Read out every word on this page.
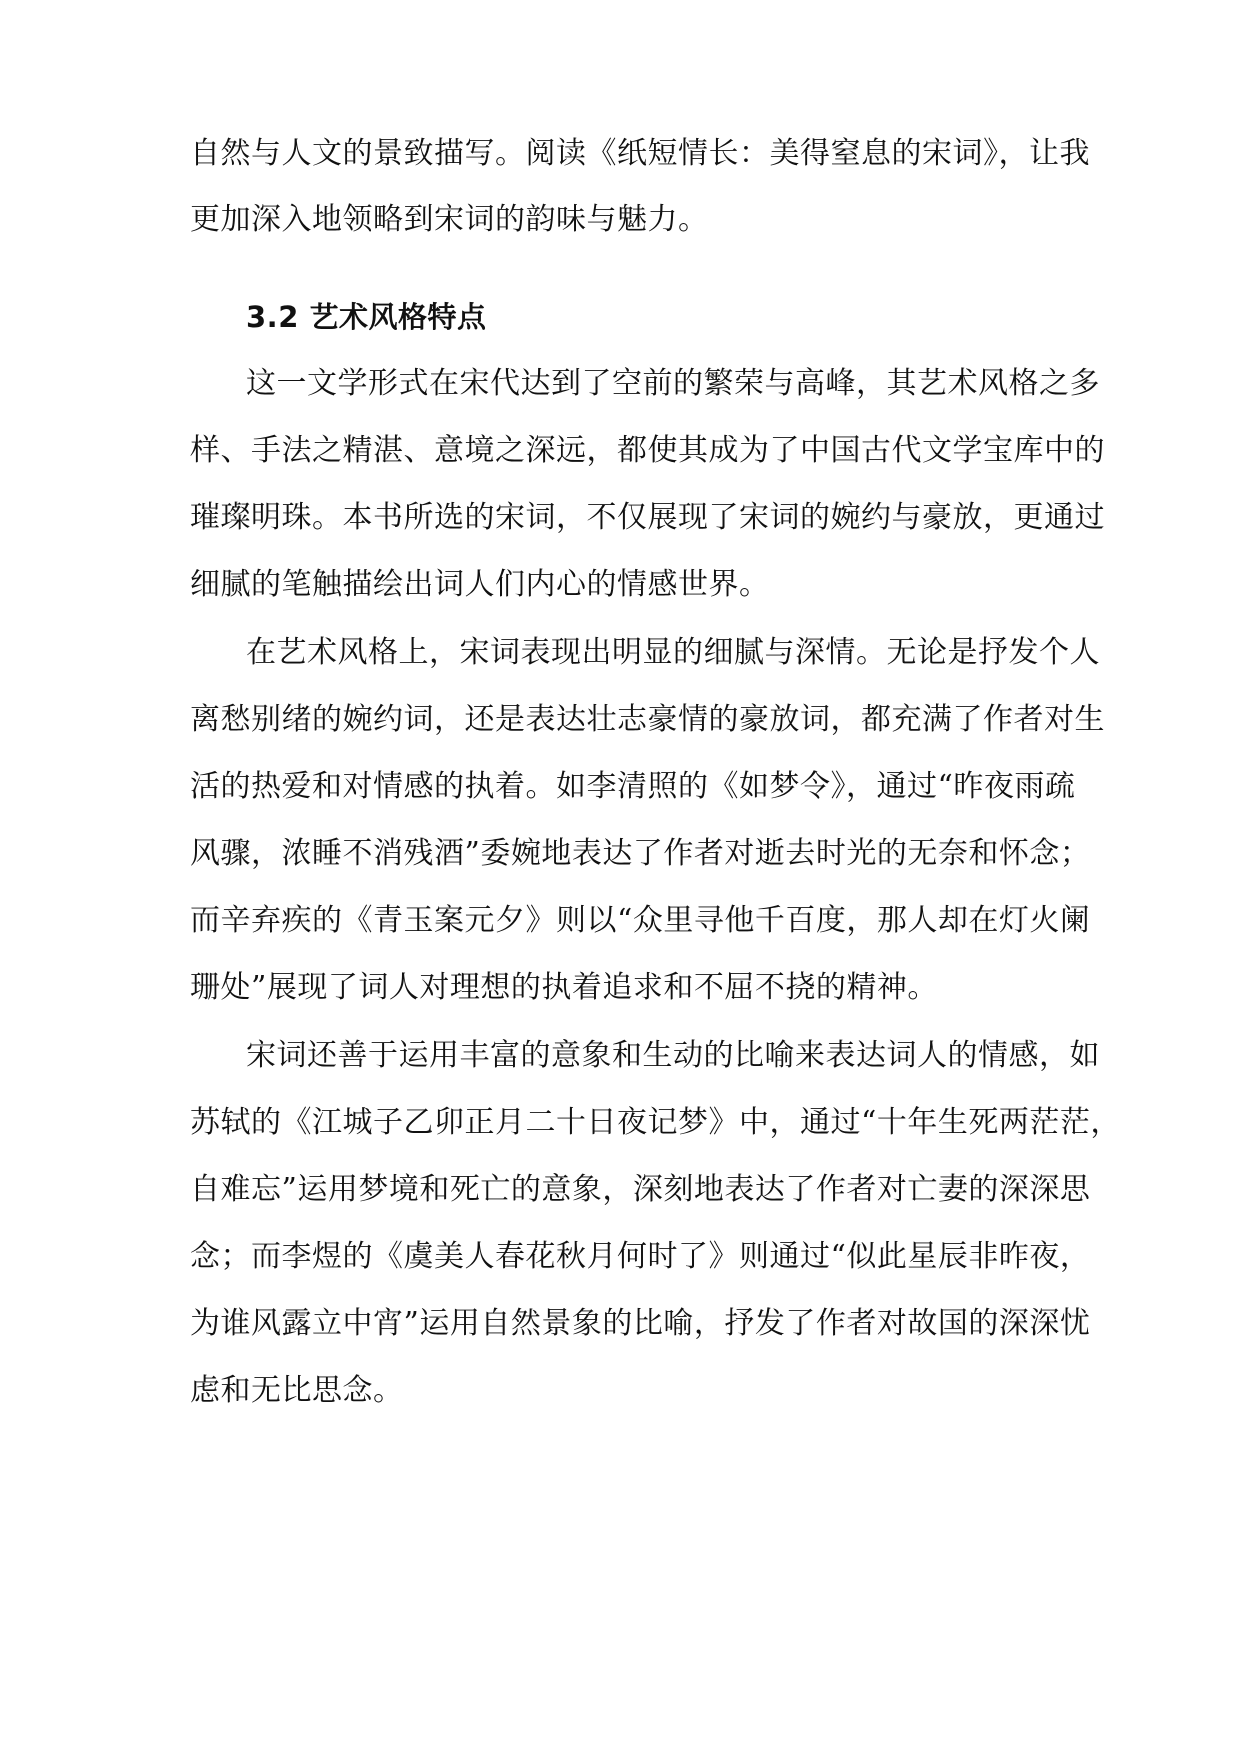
自然与人文的景致描写。阅读《纸短情长：美得窒息的宋词》，让我
更加深入地领略到宋词的韵味与魅力。
3.2 艺术风格特点
这一文学形式在宋代达到了空前的繁荣与高峰，其艺术风格之多
样、手法之精湛、意境之深远，都使其成为了中国古代文学宝库中的
璀璨明珠。本书所选的宋词，不仅展现了宋词的婉约与豪放，更通过
细腻的笔触描绘出词人们内心的情感世界。
在艺术风格上，宋词表现出明显的细腻与深情。无论是抒发个人
离愁别绪的婉约词，还是表达壮志豪情的豪放词，都充满了作者对生
活的热爱和对情感的执着。如李清照的《如梦令》，通过“昨夜雨疏
风骤，浓睡不消残酒”委婉地表达了作者对逝去时光的无奈和怀念；
而辛弃疾的《青玉案元夕》则以“众里寻他千百度，那人却在灯火阑
珊处”展现了词人对理想的执着追求和不屈不挠的精神。
宋词还善于运用丰富的意象和生动的比喻来表达词人的情感，如
苏轼的《江城子乙卯正月二十日夜记梦》中，通过“十年生死两茫茫，
自难忘”运用梦境和死亡的意象，深刻地表达了作者对亡妻的深深思
念；而李煜的《虞美人春花秋月何时了》则通过“似此星辰非昨夜，
为谁风露立中宵”运用自然景象的比喻，抒发了作者对故国的深深忧
虑和无比思念。
